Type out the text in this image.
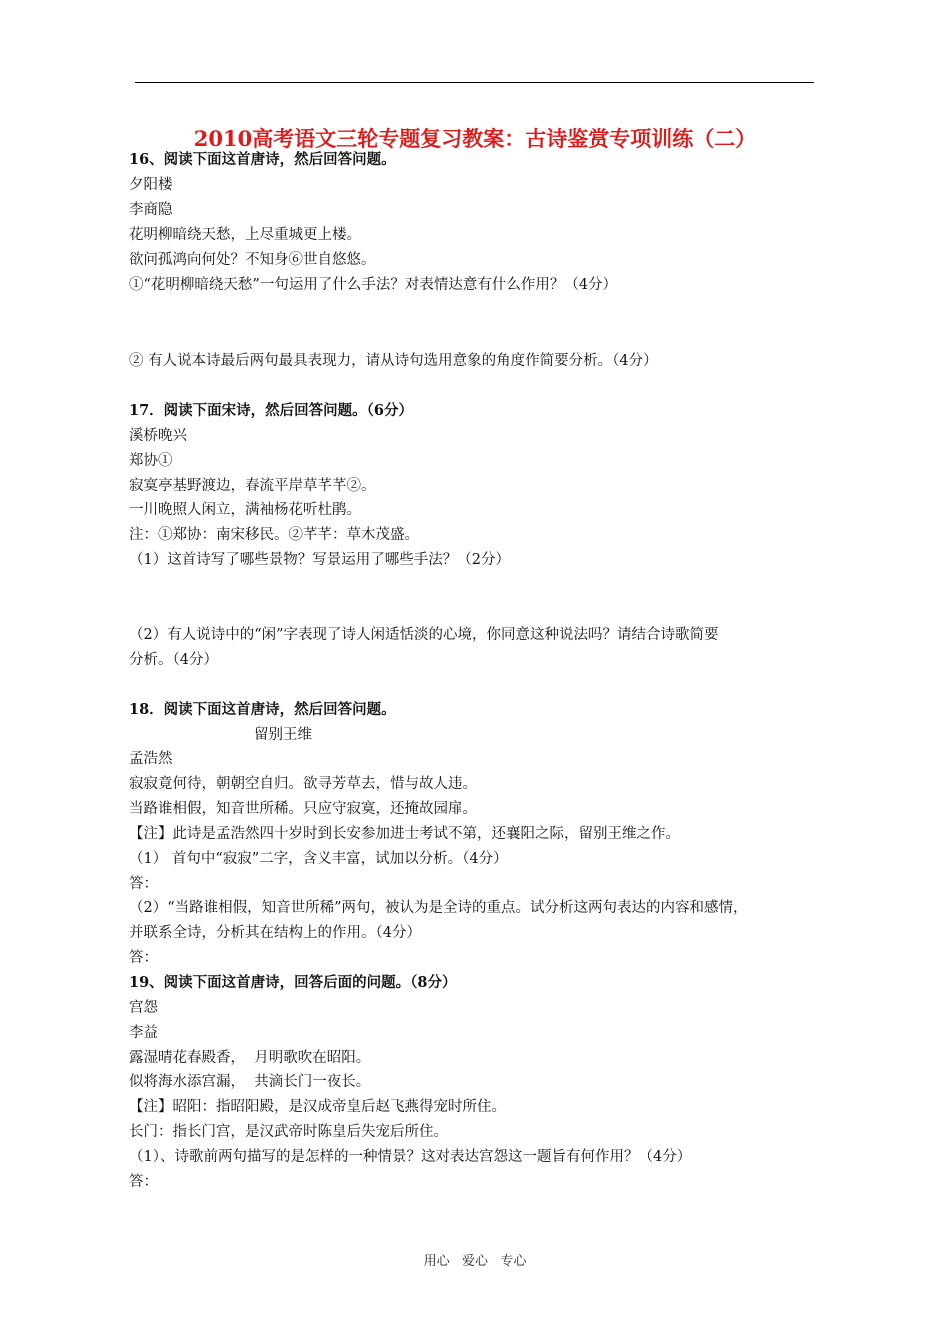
2010高考语文三轮专题复习教案：古诗鉴赏专项训练（二）
16、阅读下面这首唐诗，然后回答问题。
夕阳楼
李商隐
花明柳暗绕天愁，上尽重城更上楼。
欲问孤鸿向何处？不知身⑥世自悠悠。
①“花明柳暗绕天愁”一句运用了什么手法？对表情达意有什么作用？（4分）
② 有人说本诗最后两句最具表现力，请从诗句选用意象的角度作简要分析。（4分）
17．阅读下面宋诗，然后回答问题。（6分）
溪桥晚兴
郑协①
寂寞亭基野渡边，春流平岸草芊芊②。
一川晚照人闲立，满袖杨花听杜鹃。
注：①郑协：南宋移民。②芊芊：草木茂盛。
（1）这首诗写了哪些景物？写景运用了哪些手法？（2分）
（2）有人说诗中的“闲”字表现了诗人闲适恬淡的心境，你同意这种说法吗？请结合诗歌简要
分析。（4分）
18．阅读下面这首唐诗，然后回答问题。
留别王维
孟浩然
寂寂竟何待，朝朝空自归。欲寻芳草去，惜与故人违。
当路谁相假，知音世所稀。只应守寂寞，还掩故园扉。
【注】此诗是孟浩然四十岁时到长安参加进士考试不第，还襄阳之际，留别王维之作。
（1） 首句中“寂寂”二字，含义丰富，试加以分析。（4分）
答：
（2）“当路谁相假，知音世所稀”两句，被认为是全诗的重点。试分析这两句表达的内容和感情，
并联系全诗，分析其在结构上的作用。（4分）
答：
19、阅读下面这首唐诗，回答后面的问题。（8分）
宫怨
李益
露湿晴花春殿香，  月明歌吹在昭阳。
似将海水添宫漏，  共滴长门一夜长。
【注】昭阳：指昭阳殿，是汉成帝皇后赵飞燕得宠时所住。
长门：指长门宫，是汉武帝时陈皇后失宠后所住。
（1）、诗歌前两句描写的是怎样的一种情景？这对表达宫怨这一题旨有何作用？（4分）
答：
用心   爱心   专心
